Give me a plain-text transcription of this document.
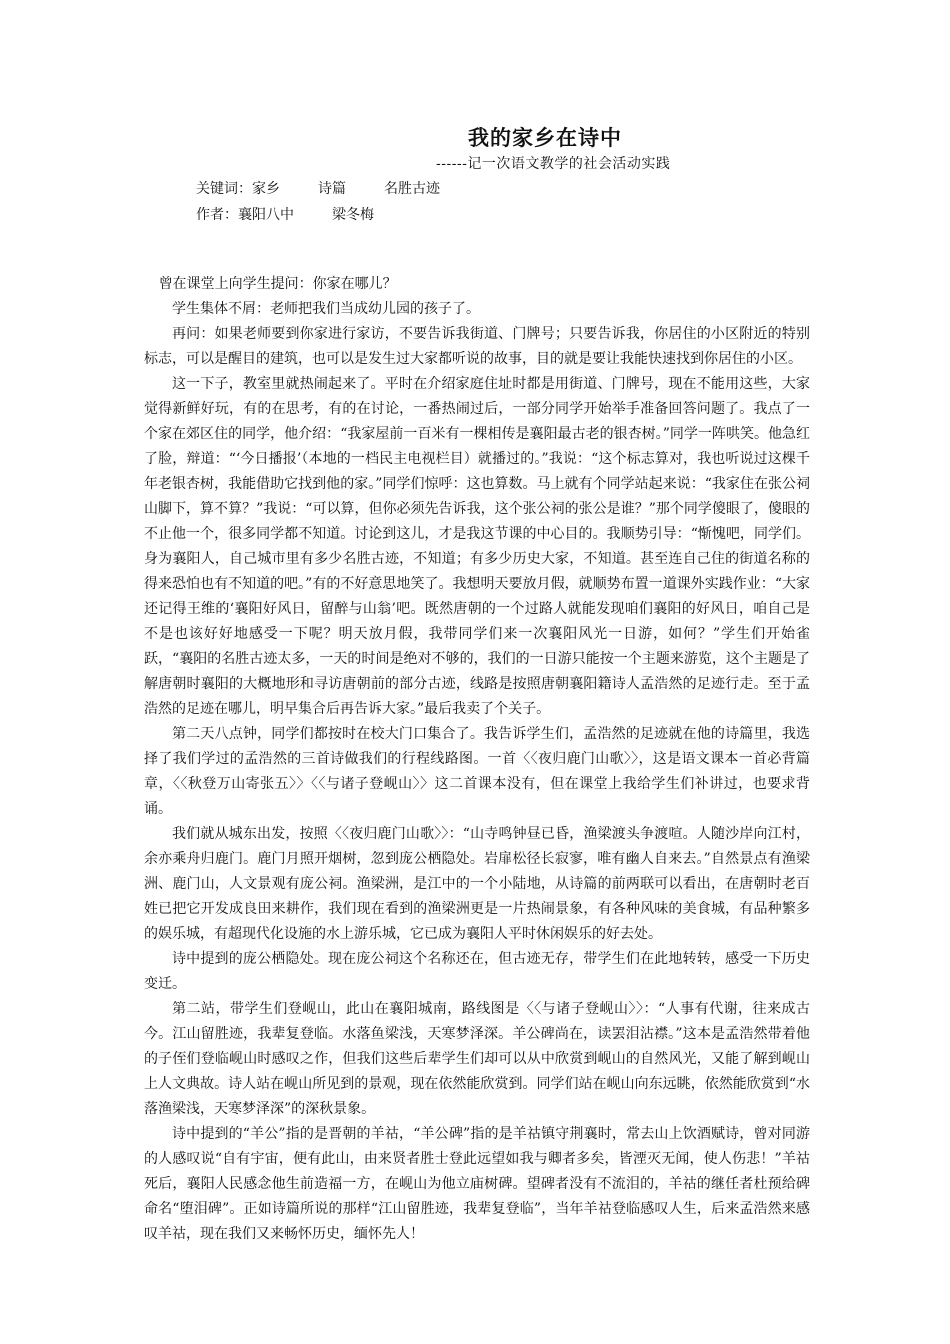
我的家乡在诗中
------记一次语文教学的社会活动实践
关键词：家乡	诗篇	名胜古迹
作者：襄阳八中	梁冬梅

曾在课堂上向学生提问：你家在哪儿？

学生集体不屑：老师把我们当成幼儿园的孩子了。

再问：如果老师要到你家进行家访，不要告诉我街道、门牌号；只要告诉我，你居住的小区附近的特别标志，可以是醒目的建筑，也可以是发生过大家都听说的故事，目的就是要让我能快速找到你居住的小区。

这一下子，教室里就热闹起来了。平时在介绍家庭住址时都是用街道、门牌号，现在不能用这些，大家觉得新鲜好玩，有的在思考，有的在讨论，一番热闹过后，一部分同学开始举手准备回答问题了。我点了一个家在郊区住的同学，他介绍：“我家屋前一百米有一棵相传是襄阳最古老的银杏树。”同学一阵哄笑。他急红了脸，辩道：“‘今日播报’（本地的一档民主电视栏目）就播过的。”我说：“这个标志算对，我也听说过这棵千年老银杏树，我能借助它找到他的家。”同学们惊呼：这也算数。马上就有个同学站起来说：“我家住在张公祠山脚下，算不算？”我说：“可以算，但你必须先告诉我，这个张公祠的张公是谁？”那个同学傻眼了，傻眼的不止他一个，很多同学都不知道。讨论到这儿，才是我这节课的中心目的。我顺势引导：“惭愧吧，同学们。身为襄阳人，自己城市里有多少名胜古迹，不知道；有多少历史大家，不知道。甚至连自己住的街道名称的得来恐怕也有不知道的吧。”有的不好意思地笑了。我想明天要放月假，就顺势布置一道课外实践作业：“大家还记得王维的‘襄阳好风日，留醉与山翁’吧。既然唐朝的一个过路人就能发现咱们襄阳的好风日，咱自己是不是也该好好地感受一下呢？明天放月假，我带同学们来一次襄阳风光一日游，如何？”学生们开始雀跃，“襄阳的名胜古迹太多，一天的时间是绝对不够的，我们的一日游只能按一个主题来游览，这个主题是了解唐朝时襄阳的大概地形和寻访唐朝前的部分古迹，线路是按照唐朝襄阳籍诗人孟浩然的足迹行走。至于孟浩然的足迹在哪儿，明早集合后再告诉大家。”最后我卖了个关子。

第二天八点钟，同学们都按时在校大门口集合了。我告诉学生们，孟浩然的足迹就在他的诗篇里，我选择了我们学过的孟浩然的三首诗做我们的行程线路图。一首〈〈夜归鹿门山歌〉〉，这是语文课本一首必背篇章，〈〈秋登万山寄张五〉〉〈〈与诸子登岘山〉〉这二首课本没有，但在课堂上我给学生们补讲过，也要求背诵。

我们就从城东出发，按照〈〈夜归鹿门山歌〉〉：“山寺鸣钟昼已昏，渔梁渡头争渡喧。人随沙岸向江村，余亦乘舟归鹿门。鹿门月照开烟树，忽到庞公栖隐处。岩扉松径长寂寥，唯有幽人自来去。”自然景点有渔梁洲、鹿门山，人文景观有庞公祠。渔梁洲，是江中的一个小陆地，从诗篇的前两联可以看出，在唐朝时老百姓已把它开发成良田来耕作，我们现在看到的渔梁洲更是一片热闹景象，有各种风味的美食城，有品种繁多的娱乐城，有超现代化设施的水上游乐城，它已成为襄阳人平时休闲娱乐的好去处。

诗中提到的庞公栖隐处。现在庞公祠这个名称还在，但古迹无存，带学生们在此地转转，感受一下历史变迁。

第二站，带学生们登岘山，此山在襄阳城南，路线图是〈〈与诸子登岘山〉〉：“人事有代谢，往来成古今。江山留胜迹，我辈复登临。水落鱼梁浅，天寒梦泽深。羊公碑尚在，读罢泪沾襟。”这本是孟浩然带着他的子侄们登临岘山时感叹之作，但我们这些后辈学生们却可以从中欣赏到岘山的自然风光，又能了解到岘山上人文典故。诗人站在岘山所见到的景观，现在依然能欣赏到。同学们站在岘山向东远眺，依然能欣赏到“水落渔梁浅，天寒梦泽深”的深秋景象。

诗中提到的“羊公”指的是晋朝的羊祜，“羊公碑”指的是羊祜镇守荆襄时，常去山上饮酒赋诗，曾对同游的人感叹说“自有宇宙，便有此山，由来贤者胜士登此远望如我与卿者多矣，皆湮灭无闻，使人伤悲！”羊祜死后，襄阳人民感念他生前造福一方，在岘山为他立庙树碑。望碑者没有不流泪的，羊祜的继任者杜预给碑命名“堕泪碑”。正如诗篇所说的那样“江山留胜迹，我辈复登临”，当年羊祜登临感叹人生，后来孟浩然来感叹羊祜，现在我们又来畅怀历史，缅怀先人！
